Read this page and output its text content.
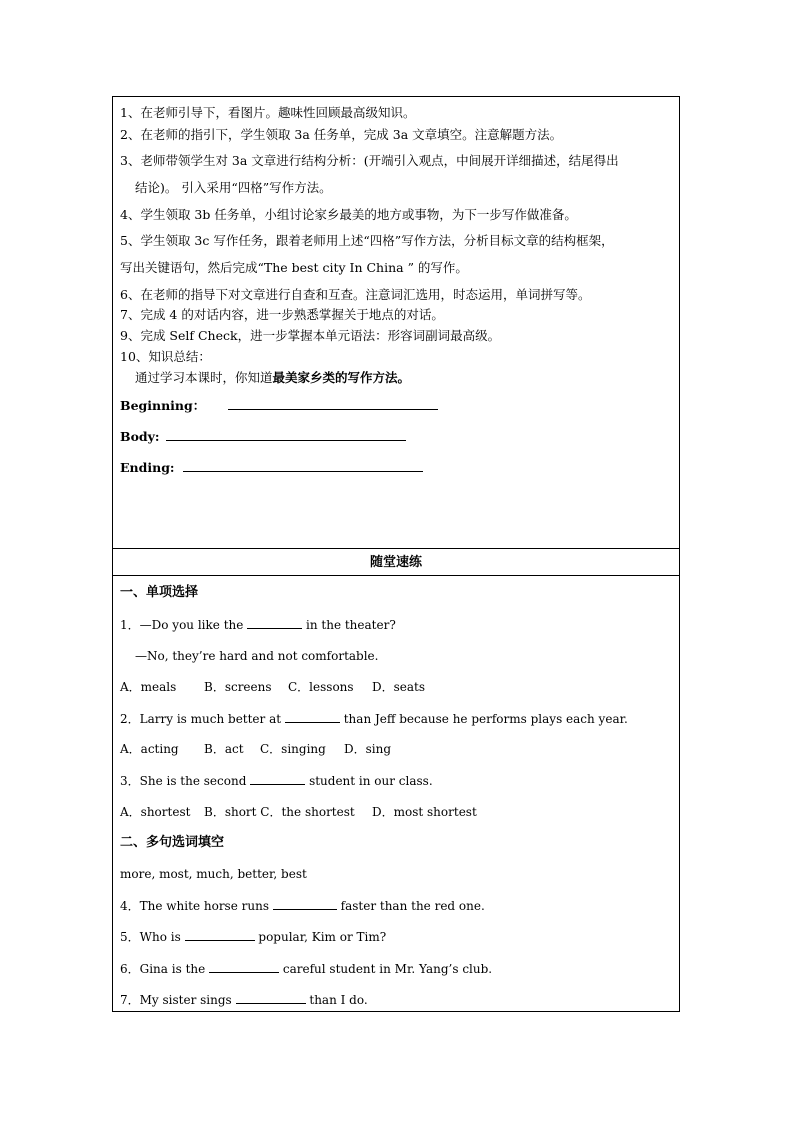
1、在老师引导下，看图片。趣味性回顾最高级知识。
2、在老师的指引下，学生领取 3a 任务单，完成 3a 文章填空。注意解题方法。
3、老师带领学生对 3a 文章进行结构分析：(开端引入观点，中间展开详细描述，结尾得出
结论)。 引入采用“四格”写作方法。
4、学生领取 3b 任务单，小组讨论家乡最美的地方或事物，为下一步写作做准备。
5、学生领取 3c 写作任务，跟着老师用上述“四格”写作方法，分析目标文章的结构框架，
写出关键语句，然后完成“The best city In China ” 的写作。
6、在老师的指导下对文章进行自查和互查。注意词汇选用，时态运用，单词拼写等。
7、完成 4 的对话内容，进一步熟悉掌握关于地点的对话。
9、完成 Self Check，进一步掌握本单元语法：形容词副词最高级。
10、知识总结：
通过学习本课时，你知道最美家乡类的写作方法。
Beginning：
Body:
Ending:
随堂速练
一、单项选择
1．—Do you like the	in the theater?
—No, they’re hard and not comfortable.
A．meals B．screens C．lessons D．seats
2．Larry is much better at	than Jeff because he performs plays each year.
A．acting B．act C．singing D．sing
3．She is the second	student in our class.
A．shortest B．short C．the shortest D．most shortest
二、多句选词填空
more, most, much, better, best
4．The white horse runs	faster than the red one.
5．Who is	popular, Kim or Tim?
6．Gina is the	careful student in Mr. Yang’s club.
7．My sister sings	than I do.
